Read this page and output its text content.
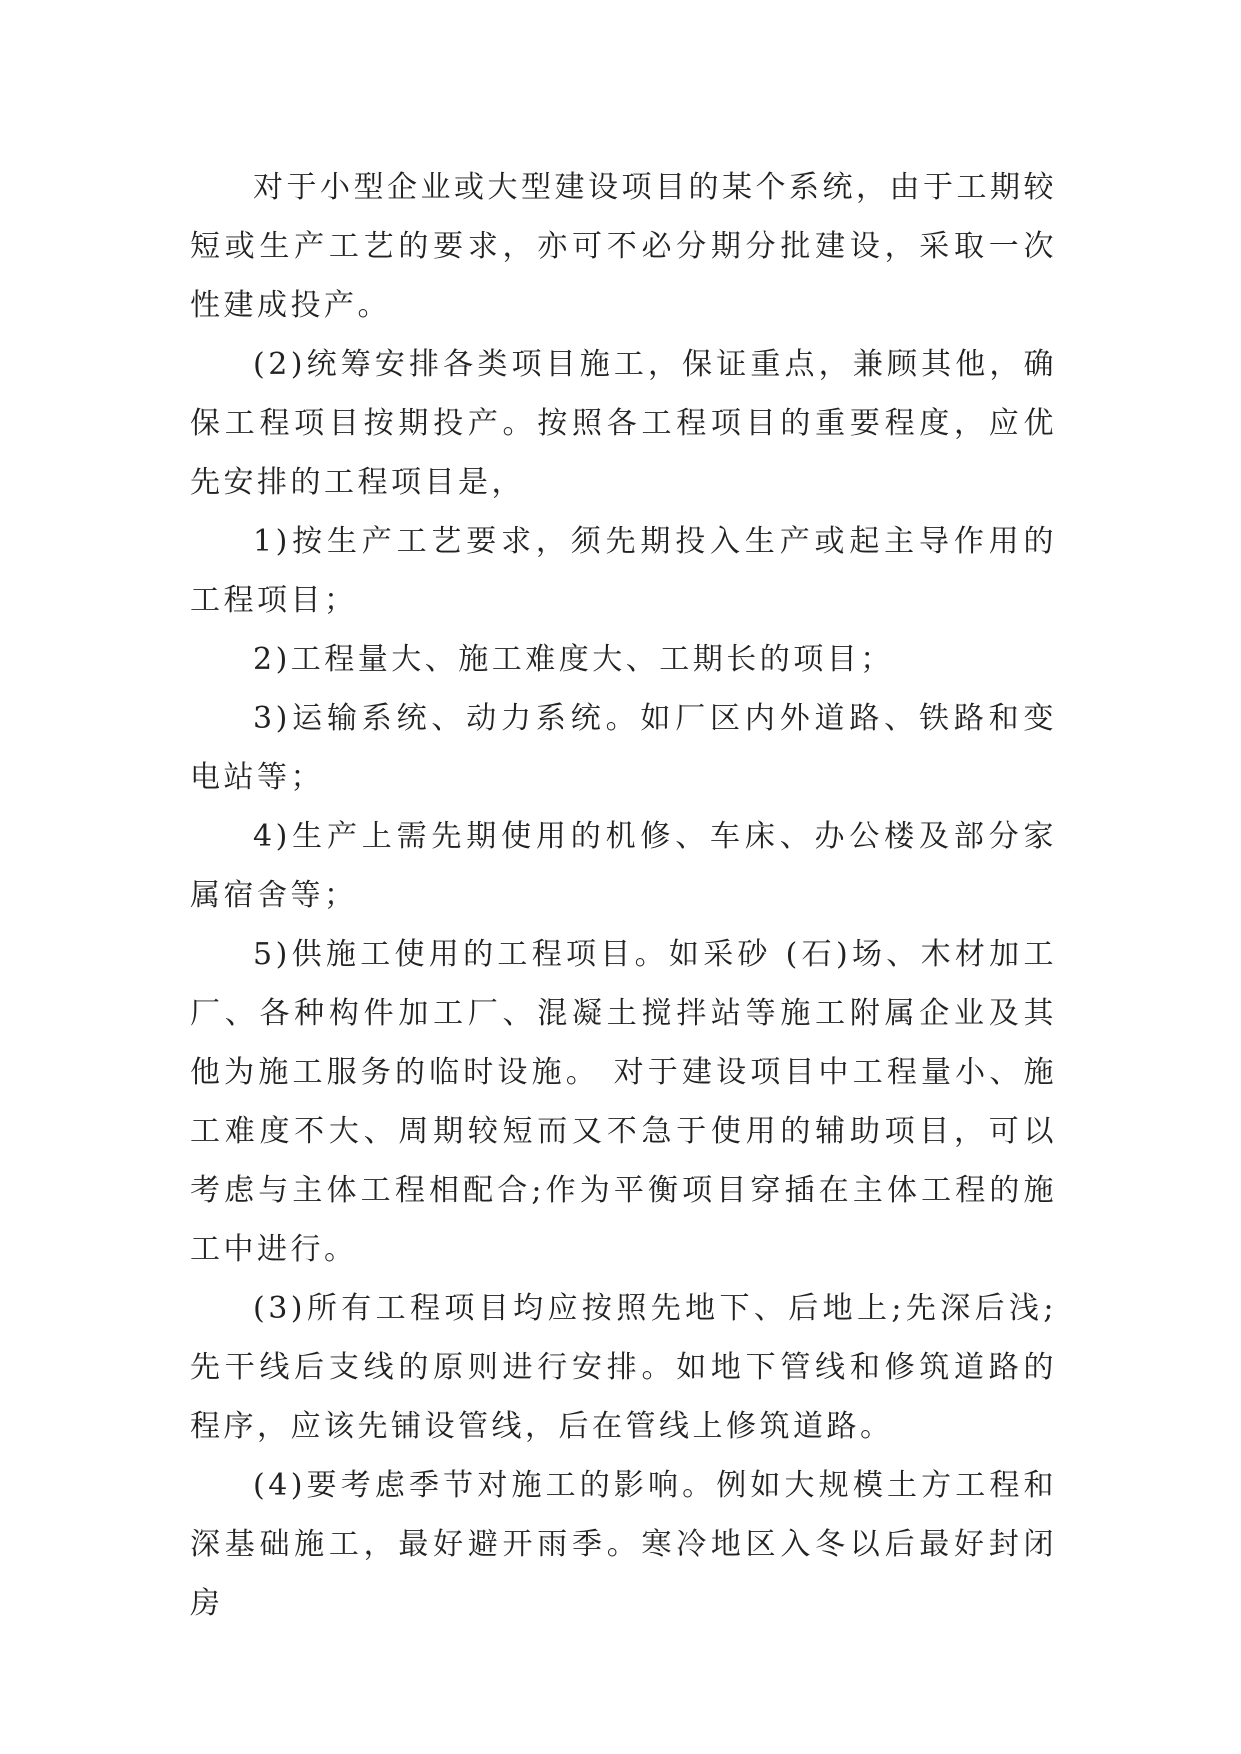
对于小型企业或大型建设项目的某个系统，由于工期较短或生产工艺的要求，亦可不必分期分批建设，采取一次性建成投产。

(2)统筹安排各类项目施工，保证重点，兼顾其他，确保工程项目按期投产。按照各工程项目的重要程度，应优先安排的工程项目是，

1)按生产工艺要求，须先期投入生产或起主导作用的工程项目；

2)工程量大、施工难度大、工期长的项目；

3)运输系统、动力系统。如厂区内外道路、铁路和变电站等；

4)生产上需先期使用的机修、车床、办公楼及部分家属宿舍等；

5)供施工使用的工程项目。如采砂 (石)场、木材加工厂、各种构件加工厂、混凝土搅拌站等施工附属企业及其他为施工服务的临时设施。 对于建设项目中工程量小、施工难度不大、周期较短而又不急于使用的辅助项目，可以考虑与主体工程相配合;作为平衡项目穿插在主体工程的施工中进行。

(3)所有工程项目均应按照先地下、后地上;先深后浅;先干线后支线的原则进行安排。如地下管线和修筑道路的程序，应该先铺设管线，后在管线上修筑道路。

(4)要考虑季节对施工的影响。例如大规模土方工程和深基础施工，最好避开雨季。寒冷地区入冬以后最好封闭房
